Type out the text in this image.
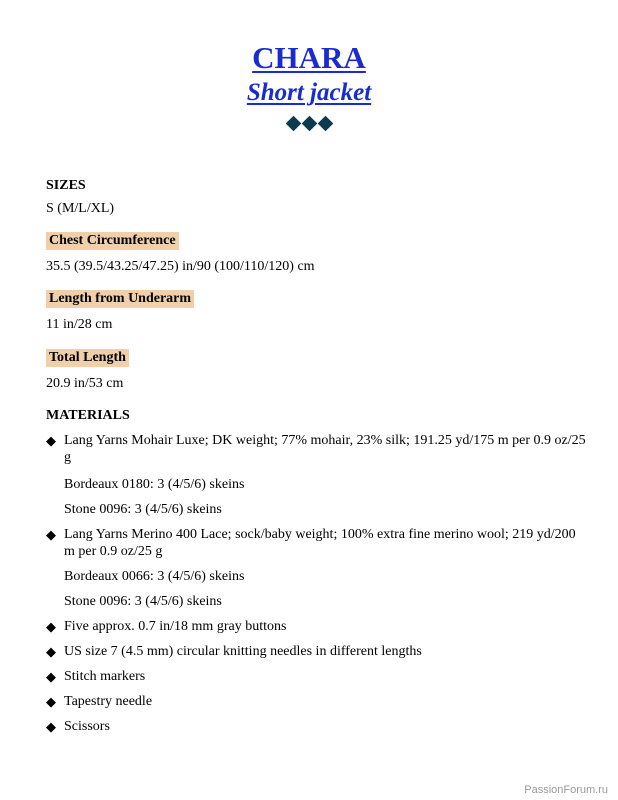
CHARA
Short jacket
SIZES
S (M/L/XL)
Chest Circumference
35.5 (39.5/43.25/47.25) in/90 (100/110/120) cm
Length from Underarm
11 in/28 cm
Total Length
20.9 in/53 cm
MATERIALS
◆ Lang Yarns Mohair Luxe; DK weight; 77% mohair, 23% silk; 191.25 yd/175 m per 0.9 oz/25 g
Bordeaux 0180: 3 (4/5/6) skeins
Stone 0096: 3 (4/5/6) skeins
◆ Lang Yarns Merino 400 Lace; sock/baby weight; 100% extra fine merino wool; 219 yd/200 m per 0.9 oz/25 g
Bordeaux 0066: 3 (4/5/6) skeins
Stone 0096: 3 (4/5/6) skeins
◆ Five approx. 0.7 in/18 mm gray buttons
◆ US size 7 (4.5 mm) circular knitting needles in different lengths
◆ Stitch markers
◆ Tapestry needle
◆ Scissors
PassionForum.ru
